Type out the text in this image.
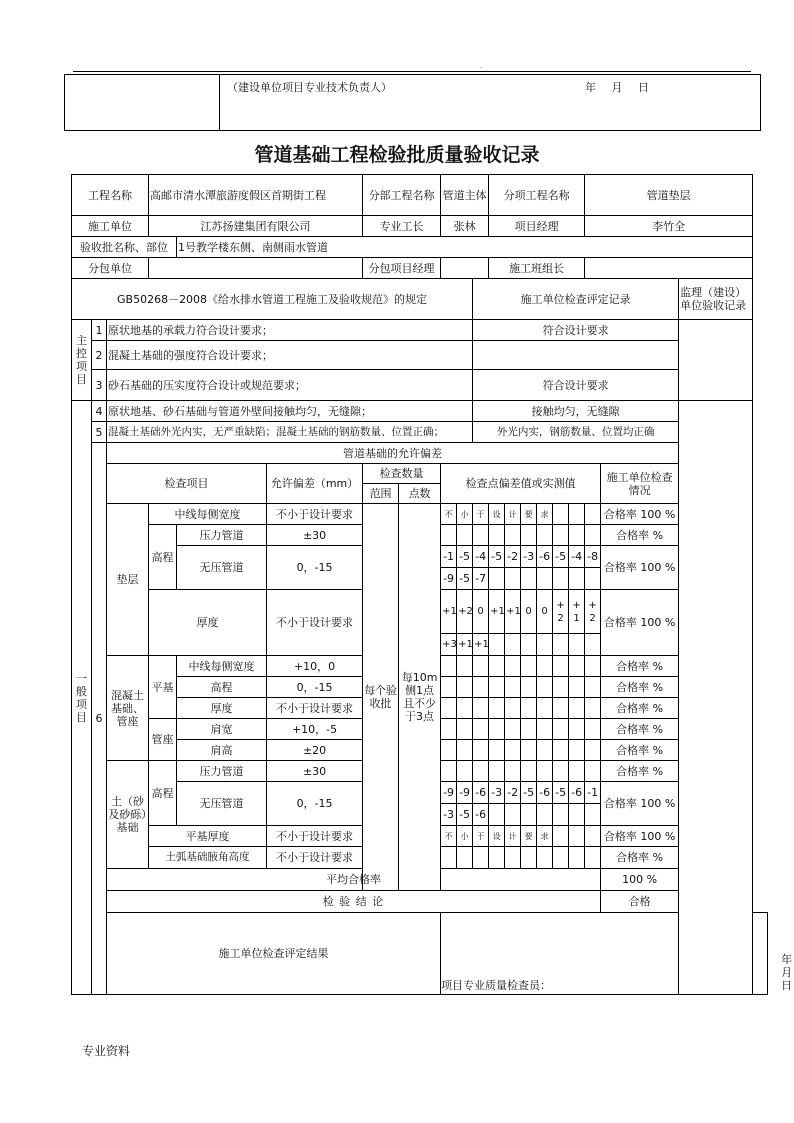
.
（建设单位项目专业技术负责人）	年 月 日
管道基础工程检验批质量验收记录
工程名称			高邮市清水潭旅游度假区首期街工程			分部工程名称		管道主体			分项工程名称						管道垫层		
施工单位			江苏扬建集团有限公司			专业工长		张林			项目经理						李竹全		
验收批名称、部位				1号教学楼东侧、南侧雨水管道															
分包单位						分包项目经理					施工班组长								
GB50268－2008《给水排水管道工程施工及验收规范》的规定										施工单位检查评定记录									监理（建设）单位验收记录
主控项目	1	原状地基的承载力符合设计要求；								符合设计要求									
	2	混凝土基础的强度符合设计要求；																	
	3	砂石基础的压实度符合设计或规范要求；								符合设计要求									
一般项目	4	原状地基、砂石基础与管道外壁间接触均匀，无缝隙；								接触均匀，无缝隙									
	5	混凝土基础外光内实，无严重缺陷；混凝土基础的钢筋数量、位置正确；								外光内实，钢筋数量、位置均正确									
	6	管道基础的允许偏差																	
		检查项目			允许偏差（mm）	检查数量		检查点偏差值或实测值										施工单位检查情况	
						范围	点数												
		垫层	中线每侧宽度		不小于设计要求	每个验收批	每10m侧1点且不少于3点	不	小	于	设	计	要	求				合格率 100 %	
			高程	压力管道	±30													合格率 %	
				无压管道	0，-15			-1	-5	-4	-5	-2	-3	-6	-5	-4	-8	合格率 100 %	
								-9	-5	-7									
			厚度		不小于设计要求			+1	+2	0	+1	+1	0	0	+2	+1	+2	合格率 100 %	
								+3	+1	+1									
		混凝土基础、管座	平基	中线每侧宽度	+10，0													合格率 %	
				高程	0，-15													合格率 %	
				厚度	不小于设计要求													合格率 %	
			管座	肩宽	+10，-5													合格率 %	
				肩高	±20													合格率 %	
		土（砂及砂砾）基础	高程	压力管道	±30													合格率 %	
				无压管道	0，-15			-9	-9	-6	-3	-2	-5	-6	-5	-6	-1	合格率 100 %	
								-3	-5	-6									
			平基厚度		不小于设计要求			不	小	于	设	计	要	求				合格率 100 %	
			土弧基础腋角高度		不小于设计要求													合格率 %	
		平均合格率																100 %	
		检 验 结 论																合格	
		施工单位检查评定结果						项目专业质量检查员：
年 月 日											
专业资料
